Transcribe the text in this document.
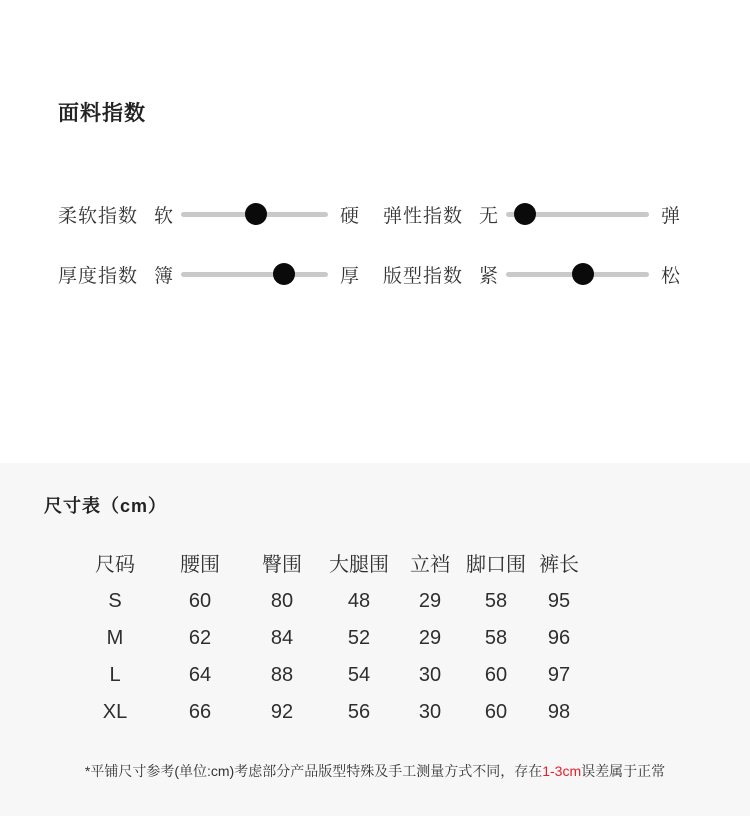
面料指数
柔软指数 软	硬 弹性指数 无	弹
厚度指数 簿	厚 版型指数 紧	松
尺寸表（cm）
尺码	腰围	臀围	大腿围	立裆 脚口围 裤长
S	60	80	48	29	58	95
M	62	84	52	29	58	96
L	64	88	54	30	60	97
XL	66	92	56	30	60	98

*平铺尺寸参考(单位:cm)考虑部分产品版型特殊及手工测量方式不同，存在1-3cm误差属于正常
